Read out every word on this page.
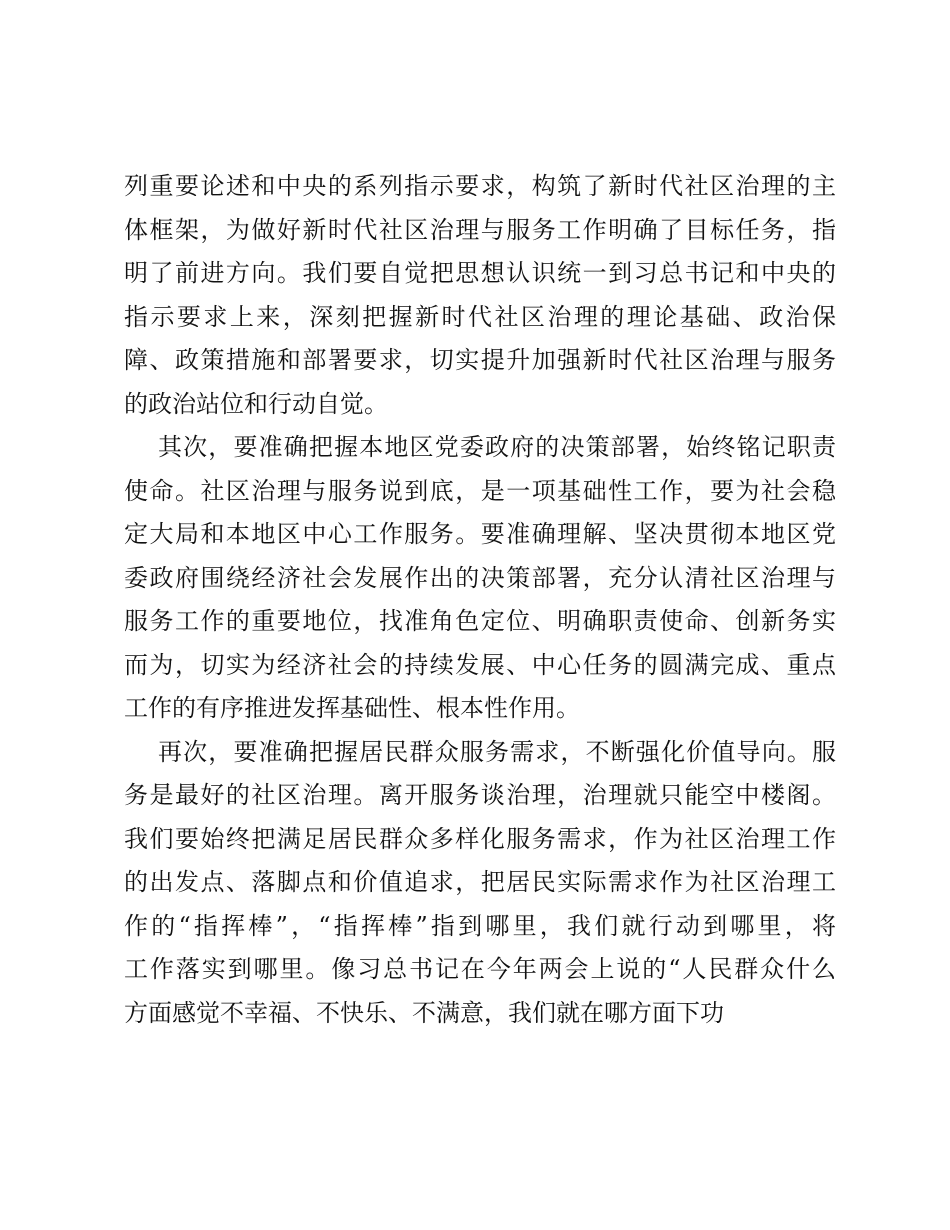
列重要论述和中央的系列指示要求，构筑了新时代社区治理的主
体框架，为做好新时代社区治理与服务工作明确了目标任务，指
明了前进方向。我们要自觉把思想认识统一到习总书记和中央的
指示要求上来，深刻把握新时代社区治理的理论基础、政治保
障、政策措施和部署要求，切实提升加强新时代社区治理与服务
的政治站位和行动自觉。
其次，要准确把握本地区党委政府的决策部署，始终铭记职责
使命。社区治理与服务说到底，是一项基础性工作，要为社会稳
定大局和本地区中心工作服务。要准确理解、坚决贯彻本地区党
委政府围绕经济社会发展作出的决策部署，充分认清社区治理与
服务工作的重要地位，找准角色定位、明确职责使命、创新务实
而为，切实为经济社会的持续发展、中心任务的圆满完成、重点
工作的有序推进发挥基础性、根本性作用。
再次，要准确把握居民群众服务需求，不断强化价值导向。服
务是最好的社区治理。离开服务谈治理，治理就只能空中楼阁。
我们要始终把满足居民群众多样化服务需求，作为社区治理工作
的出发点、落脚点和价值追求，把居民实际需求作为社区治理工
作的“指挥棒”，“指挥棒”指到哪里，我们就行动到哪里，将
工作落实到哪里。像习总书记在今年两会上说的“人民群众什么
方面感觉不幸福、不快乐、不满意，我们就在哪方面下功
